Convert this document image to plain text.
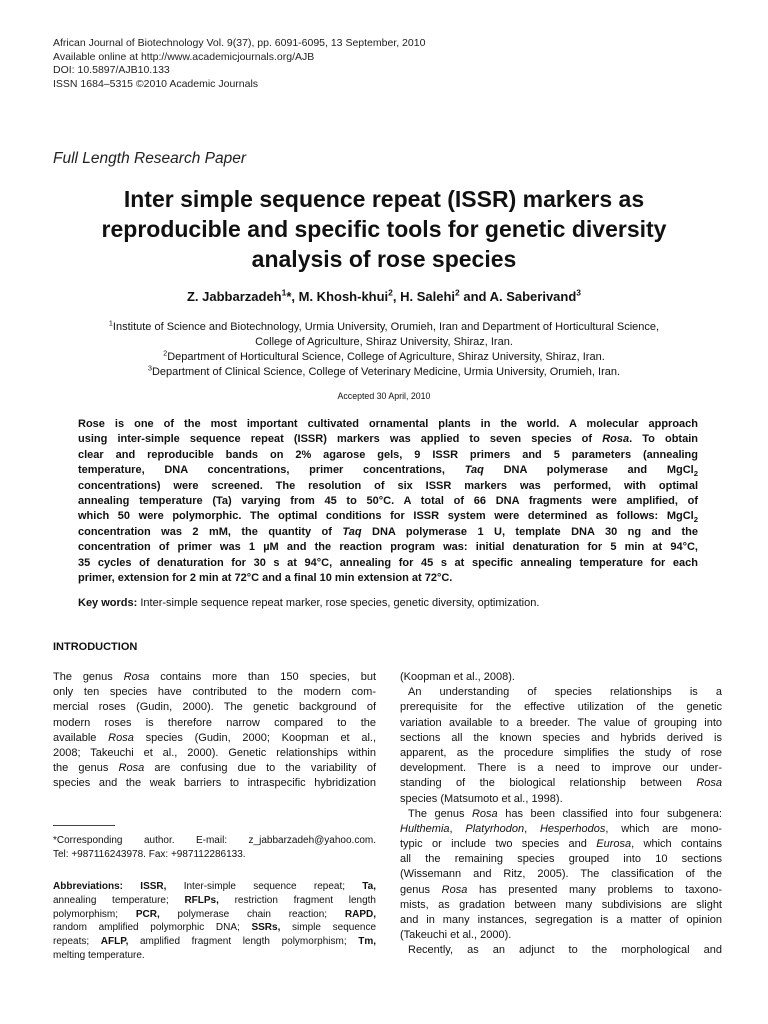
African Journal of Biotechnology Vol. 9(37), pp. 6091-6095, 13 September, 2010
Available online at http://www.academicjournals.org/AJB
DOI: 10.5897/AJB10.133
ISSN 1684–5315 ©2010 Academic Journals
Full Length Research Paper
Inter simple sequence repeat (ISSR) markers as
reproducible and specific tools for genetic diversity
analysis of rose species
Z. Jabbarzadeh$^1$*, M. Khosh-khui$^2$, H. Salehi$^2$ and A. Saberivand$^3$
$^1$Institute of Science and Biotechnology, Urmia University, Orumieh, Iran and Department of Horticultural Science,
College of Agriculture, Shiraz University, Shiraz, Iran.
$^2$Department of Horticultural Science, College of Agriculture, Shiraz University, Shiraz, Iran.
$^3$Department of Clinical Science, College of Veterinary Medicine, Urmia University, Orumieh, Iran.
Accepted 30 April, 2010
Rose is one of the most important cultivated ornamental plants in the world. A molecular approach
using inter-simple sequence repeat (ISSR) markers was applied to seven species of Rosa. To obtain
clear and reproducible bands on 2% agarose gels, 9 ISSR primers and 5 parameters (annealing
temperature, DNA concentrations, primer concentrations, Taq DNA polymerase and MgCl$_2$
concentrations) were screened. The resolution of six ISSR markers was performed, with optimal
annealing temperature (Ta) varying from 45 to 50°C. A total of 66 DNA fragments were amplified, of
which 50 were polymorphic. The optimal conditions for ISSR system were determined as follows: MgCl$_2$
concentration was 2 mM, the quantity of Taq DNA polymerase 1 U, template DNA 30 ng and the
concentration of primer was 1 µM and the reaction program was: initial denaturation for 5 min at 94°C,
35 cycles of denaturation for 30 s at 94°C, annealing for 45 s at specific annealing temperature for each
primer, extension for 2 min at 72°C and a final 10 min extension at 72°C.
Key words: Inter-simple sequence repeat marker, rose species, genetic diversity, optimization.
INTRODUCTION
The genus Rosa contains more than 150 species, but
only ten species have contributed to the modern com-
mercial roses (Gudin, 2000). The genetic background of
modern roses is therefore narrow compared to the
available Rosa species (Gudin, 2000; Koopman et al.,
2008; Takeuchi et al., 2000). Genetic relationships within
the genus Rosa are confusing due to the variability of
species and the weak barriers to intraspecific hybridization
(Koopman et al., 2008).
An understanding of species relationships is a
prerequisite for the effective utilization of the genetic
variation available to a breeder. The value of grouping into
sections all the known species and hybrids derived is
apparent, as the procedure simplifies the study of rose
development. There is a need to improve our under-
standing of the biological relationship between Rosa
species (Matsumoto et al., 1998).
The genus Rosa has been classified into four subgenera:
Hulthemia, Platyrhodon, Hesperhodos, which are mono-
typic or include two species and Eurosa, which contains
all the remaining species grouped into 10 sections
(Wissemann and Ritz, 2005). The classification of the
genus Rosa has presented many problems to taxono-
mists, as gradation between many subdivisions are slight
and in many instances, segregation is a matter of opinion
(Takeuchi et al., 2000).
Recently, as an adjunct to the morphological and
*Corresponding author. E-mail: z_jabbarzadeh@yahoo.com.
Tel: +987116243978. Fax: +987112286133.
Abbreviations: ISSR, Inter-simple sequence repeat; Ta,
annealing temperature; RFLPs, restriction fragment length
polymorphism; PCR, polymerase chain reaction; RAPD,
random amplified polymorphic DNA; SSRs, simple sequence
repeats; AFLP, amplified fragment length polymorphism; Tm,
melting temperature.
